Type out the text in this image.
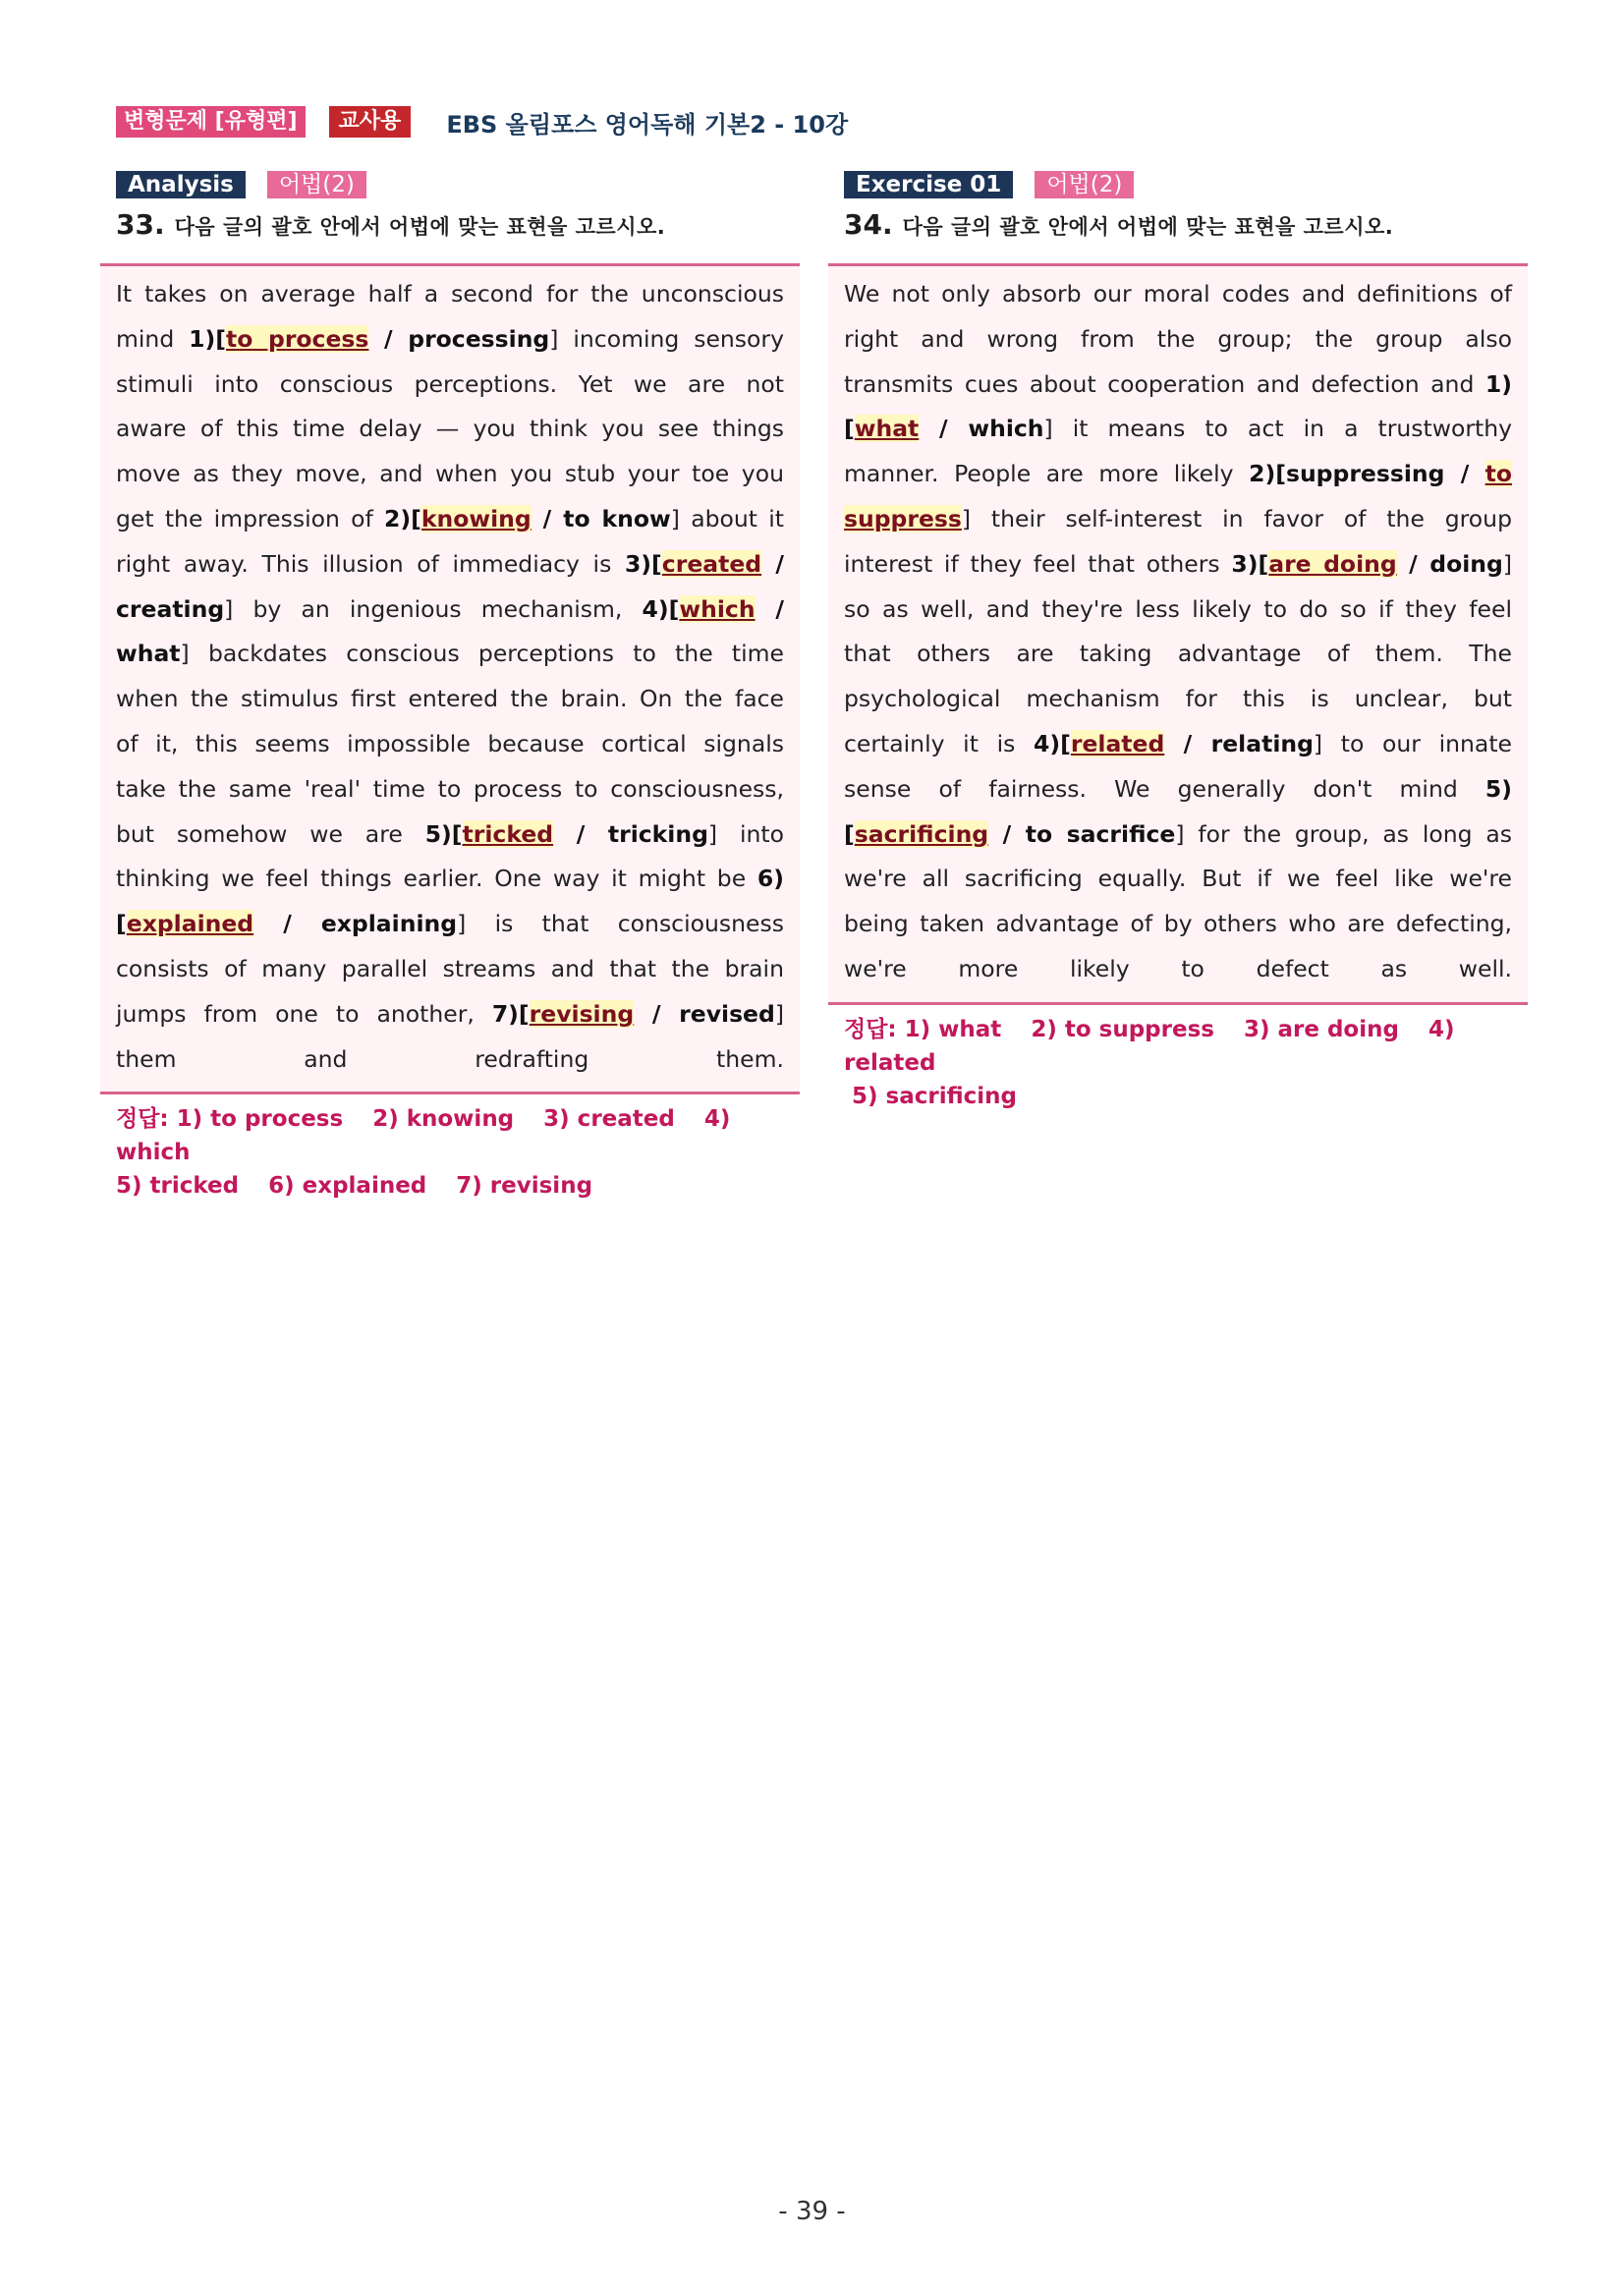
변형문제 [유형편]	교사용	EBS 올림포스 영어독해 기본2 - 10강
Analysis	어법(2)
33. 다음 글의 괄호 안에서 어법에 맞는 표현을 고르시오.

It takes on average half a second for the unconscious mind 1)[to process / processing] incoming sensory stimuli into conscious perceptions. Yet we are not aware of this time delay — you think you see things move as they move, and when you stub your toe you get the impression of 2)[knowing / to know] about it right away. This illusion of immediacy is 3)[created / creating] by an ingenious mechanism, 4)[which / what] backdates conscious perceptions to the time when the stimulus first entered the brain. On the face of it, this seems impossible because cortical signals take the same 'real' time to process to consciousness, but somehow we are 5)[tricked / tricking] into thinking we feel things earlier. One way it might be 6)[explained / explaining] is that consciousness consists of many parallel streams and that the brain jumps from one to another, 7)[revising / revised] them and redrafting them.

정답: 1) to process 2) knowing 3) created 4) which
5) tricked 6) explained 7) revising
Exercise 01	어법(2)
34. 다음 글의 괄호 안에서 어법에 맞는 표현을 고르시오.

We not only absorb our moral codes and definitions of right and wrong from the group; the group also transmits cues about cooperation and defection and 1)[what / which] it means to act in a trustworthy manner. People are more likely 2)[suppressing / to suppress] their self-interest in favor of the group interest if they feel that others 3)[are doing / doing] so as well, and they're less likely to do so if they feel that others are taking advantage of them. The psychological mechanism for this is unclear, but certainly it is 4)[related / relating] to our innate sense of fairness. We generally don't mind 5)[sacrificing / to sacrifice] for the group, as long as we're all sacrificing equally. But if we feel like we're being taken advantage of by others who are defecting, we're more likely to defect as well.

정답: 1) what 2) to suppress 3) are doing 4) related
5) sacrificing
- 39 -
